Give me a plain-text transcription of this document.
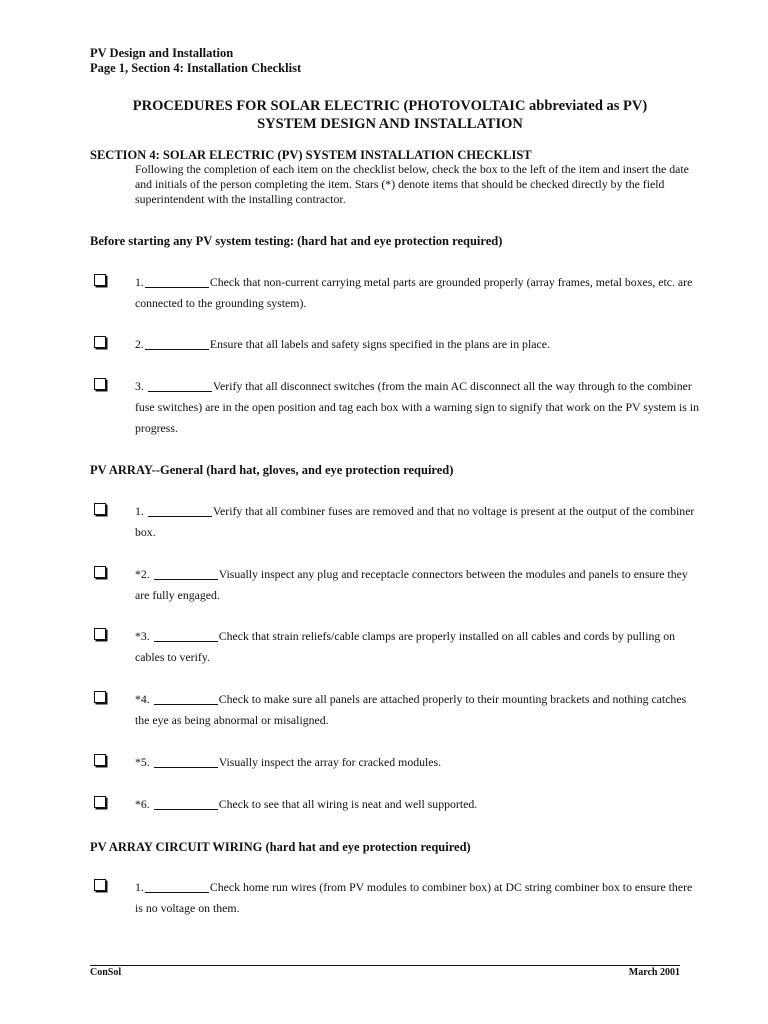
PV Design and Installation
Page 1, Section 4: Installation Checklist
PROCEDURES FOR SOLAR ELECTRIC (PHOTOVOLTAIC abbreviated as PV)
SYSTEM DESIGN AND INSTALLATION
SECTION 4: SOLAR ELECTRIC (PV) SYSTEM INSTALLATION CHECKLIST
Following the completion of each item on the checklist below, check the box to the left of the item and insert the date and initials of the person completing the item. Stars (*) denote items that should be checked directly by the field superintendent with the installing contractor.
Before starting any PV system testing: (hard hat and eye protection required)
1.	Check that non-current carrying metal parts are grounded properly (array frames, metal boxes, etc. are connected to the grounding system).
2.	Ensure that all labels and safety signs specified in the plans are in place.
3.	Verify that all disconnect switches (from the main AC disconnect all the way through to the combiner fuse switches) are in the open position and tag each box with a warning sign to signify that work on the PV system is in progress.
PV ARRAY--General (hard hat, gloves, and eye protection required)
1.	Verify that all combiner fuses are removed and that no voltage is present at the output of the combiner box.
*2.	Visually inspect any plug and receptacle connectors between the modules and panels to ensure they are fully engaged.
*3.	Check that strain reliefs/cable clamps are properly installed on all cables and cords by pulling on cables to verify.
*4.	Check to make sure all panels are attached properly to their mounting brackets and nothing catches the eye as being abnormal or misaligned.
*5.	Visually inspect the array for cracked modules.
*6.	Check to see that all wiring is neat and well supported.
PV ARRAY CIRCUIT WIRING (hard hat and eye protection required)
1.	Check home run wires (from PV modules to combiner box) at DC string combiner box to ensure there is no voltage on them.
ConSol	March 2001
